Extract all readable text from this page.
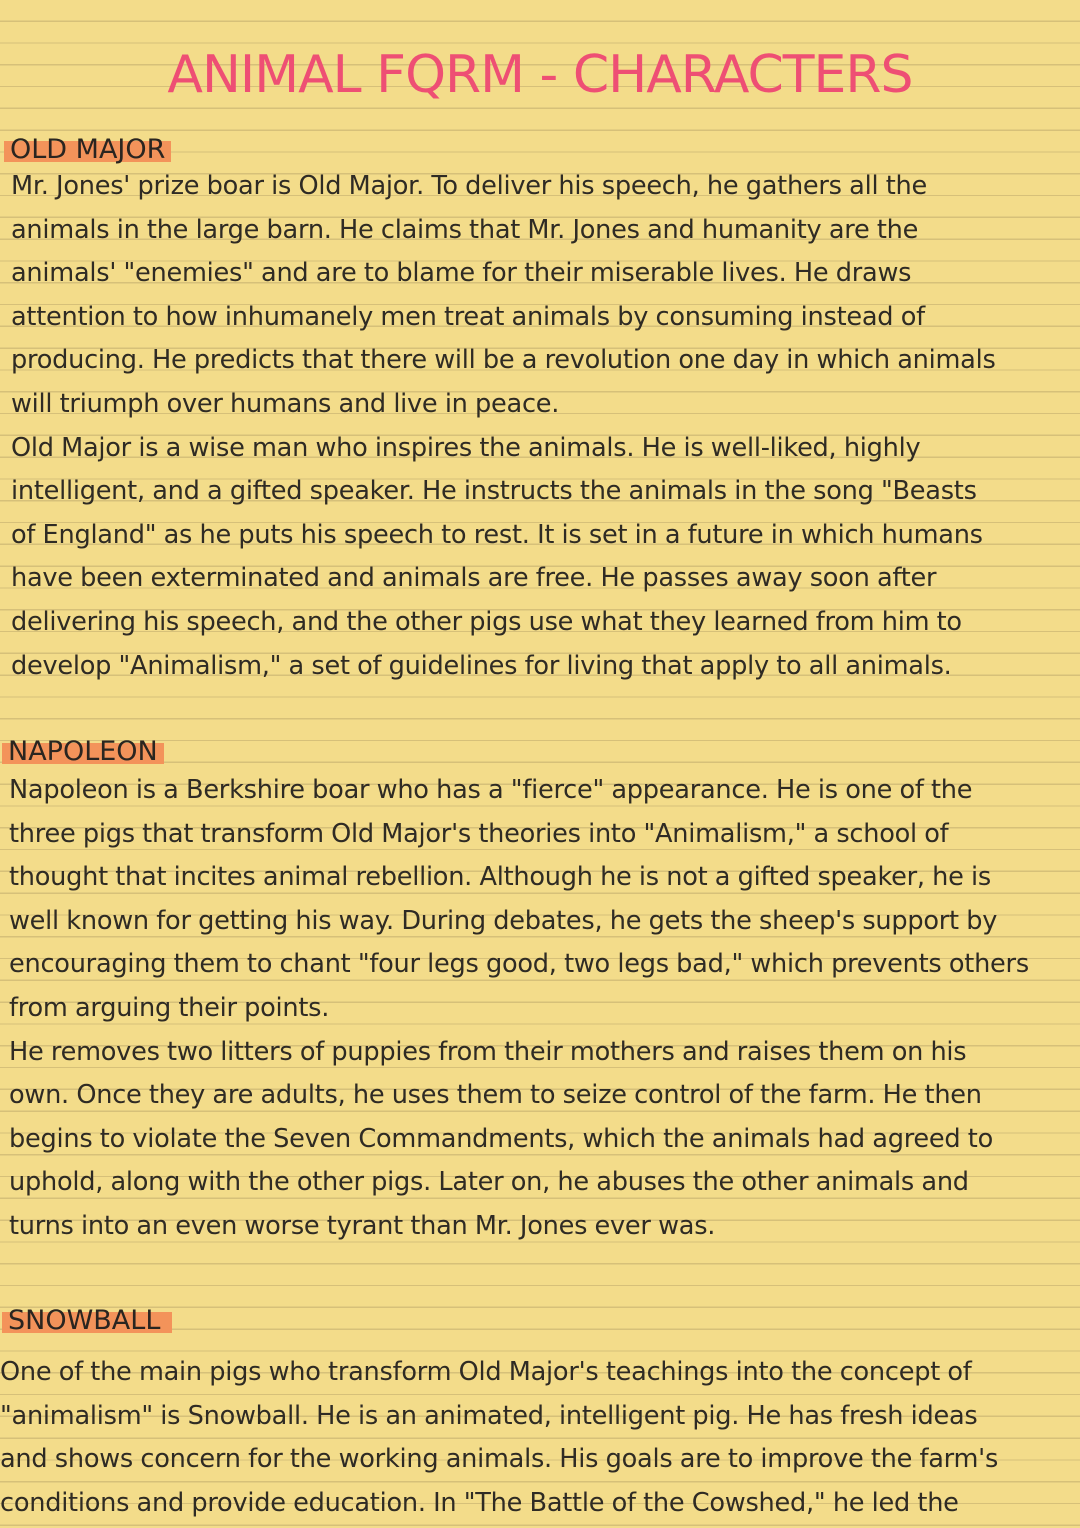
ANIMAL FQRM - CHARACTERS
OLD MAJOR

Mr. Jones' prize boar is Old Major. To deliver his speech, he gathers all the
animals in the large barn. He claims that Mr. Jones and humanity are the
animals' "enemies" and are to blame for their miserable lives. He draws
attention to how inhumanely men treat animals by consuming instead of
producing. He predicts that there will be a revolution one day in which animals
will triumph over humans and live in peace.

Old Major is a wise man who inspires the animals. He is well-liked, highly
intelligent, and a gifted speaker. He instructs the animals in the song "Beasts
of England" as he puts his speech to rest. It is set in a future in which humans
have been exterminated and animals are free. He passes away soon after
delivering his speech, and the other pigs use what they learned from him to
develop "Animalism," a set of guidelines for living that apply to all animals.

NAPOLEON

Napoleon is a Berkshire boar who has a "fierce" appearance. He is one of the
three pigs that transform Old Major's theories into "Animalism," a school of
thought that incites animal rebellion. Although he is not a gifted speaker, he is
well known for getting his way. During debates, he gets the sheep's support by
encouraging them to chant "four legs good, two legs bad," which prevents others
from arguing their points.

He removes two litters of puppies from their mothers and raises them on his
own. Once they are adults, he uses them to seize control of the farm. He then
begins to violate the Seven Commandments, which the animals had agreed to
uphold, along with the other pigs. Later on, he abuses the other animals and
turns into an even worse tyrant than Mr. Jones ever was.

SNOWBALL

One of the main pigs who transform Old Major's teachings into the concept of
"animalism" is Snowball. He is an animated, intelligent pig. He has fresh ideas
and shows concern for the working animals. His goals are to improve the farm's
conditions and provide education. In "The Battle of the Cowshed," he led the
